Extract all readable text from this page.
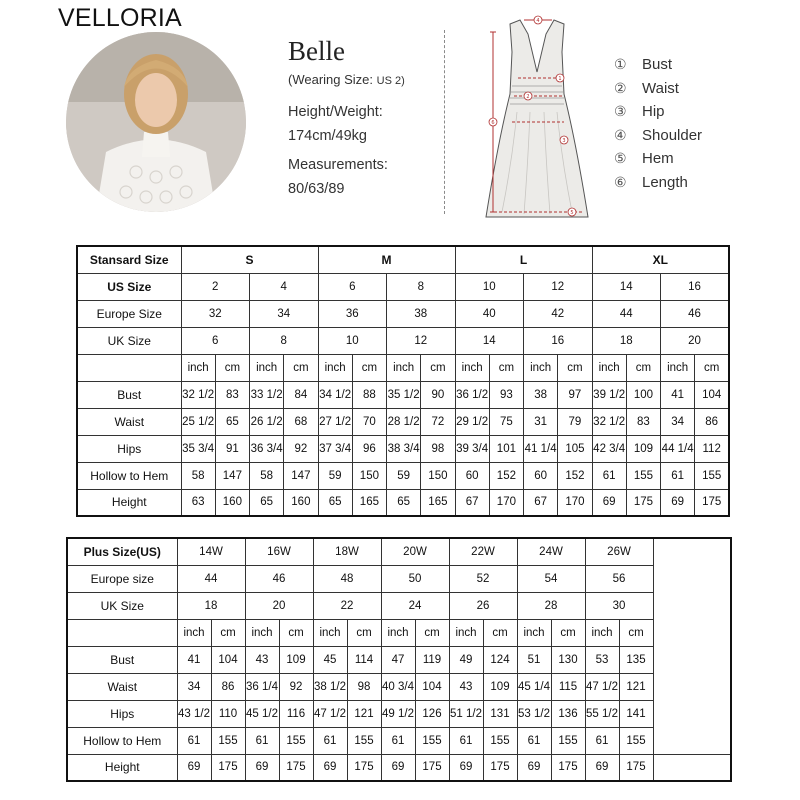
VELLORIA
Belle
(Wearing Size: US 2)
Height/Weight:
174cm/49kg
Measurements:
80/63/89
4
6
1
2
3
5
① Bust
② Waist
③ Hip
④ Shoulder
⑤ Hem
⑥ Length
Stansard Size	S				M				L				XL			
US Size	2		4		6		8		10		12		14		16	
Europe Size	32		34		36		38		40		42		44		46	
UK Size	6		8		10		12		14		16		18		20	
	inch	cm	inch	cm	inch	cm	inch	cm	inch	cm	inch	cm	inch	cm	inch	cm
Bust	32 1/2	83	33 1/2	84	34 1/2	88	35 1/2	90	36 1/2	93	38	97	39 1/2	100	41	104
Waist	25 1/2	65	26 1/2	68	27 1/2	70	28 1/2	72	29 1/2	75	31	79	32 1/2	83	34	86
Hips	35 3/4	91	36 3/4	92	37 3/4	96	38 3/4	98	39 3/4	101	41 1/4	105	42 3/4	109	44 1/4	112
Hollow to Hem	58	147	58	147	59	150	59	150	60	152	60	152	61	155	61	155
Height	63	160	65	160	65	165	65	165	67	170	67	170	69	175	69	175
Plus Size(US)	14W		16W		18W		20W		22W		24W		26W		
Europe size	44		46		48		50		52		54		56		
UK Size	18		20		22		24		26		28		30		
	inch	cm	inch	cm	inch	cm	inch	cm	inch	cm	inch	cm	inch	cm	
Bust	41	104	43	109	45	114	47	119	49	124	51	130	53	135	
Waist	34	86	36 1/4	92	38 1/2	98	40 3/4	104	43	109	45 1/4	115	47 1/2	121	
Hips	43 1/2	110	45 1/2	116	47 1/2	121	49 1/2	126	51 1/2	131	53 1/2	136	55 1/2	141	
Hollow to Hem	61	155	61	155	61	155	61	155	61	155	61	155	61	155	
Height	69	175	69	175	69	175	69	175	69	175	69	175	69	175	
